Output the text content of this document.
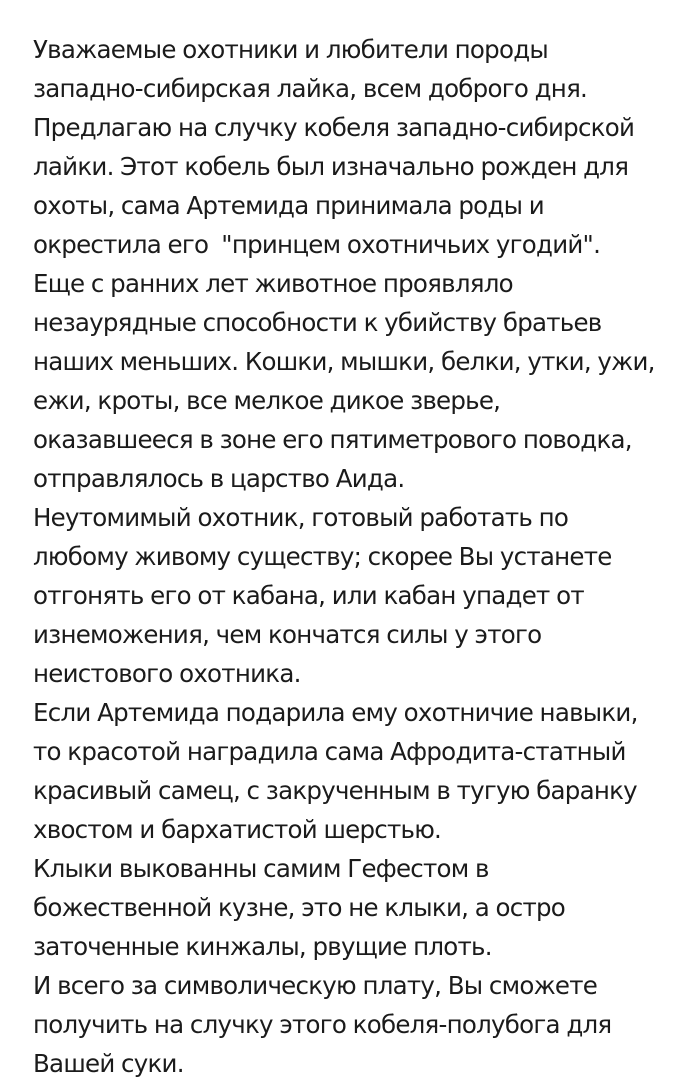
Уважаемые охотники и любители породы
западно-сибирская лайка, всем доброго дня.
Предлагаю на случку кобеля западно-сибирской
лайки. Этот кобель был изначально рожден для
охоты, сама Артемида принимала роды и
окрестила его  "принцем охотничьих угодий".
Еще с ранних лет животное проявляло
незаурядные способности к убийству братьев
наших меньших. Кошки, мышки, белки, утки, ужи,
ежи, кроты, все мелкое дикое зверье,
оказавшееся в зоне его пятиметрового поводка,
отправлялось в царство Аида.
Неутомимый охотник, готовый работать по
любому живому существу; скорее Вы устанете
отгонять его от кабана, или кабан упадет от
изнеможения, чем кончатся силы у этого
неистового охотника.
Если Артемида подарила ему охотничие навыки,
то красотой наградила сама Афродита-статный
красивый самец, с закрученным в тугую баранку
хвостом и бархатистой шерстью.
Клыки выкованны самим Гефестом в
божественной кузне, это не клыки, а остро
заточенные кинжалы, рвущие плоть.
И всего за символическую плату, Вы сможете
получить на случку этого кобеля-полубога для
Вашей суки.
